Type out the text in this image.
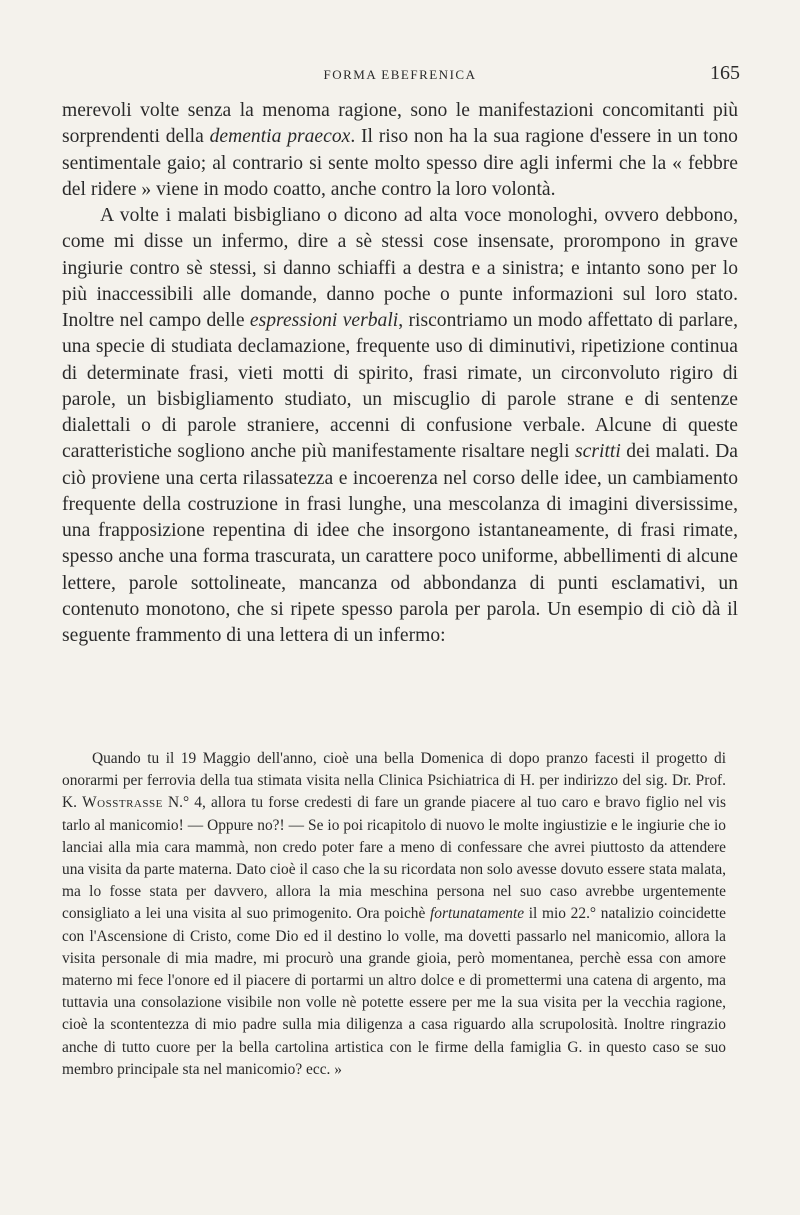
FORMA EBEFRENICA	165

merevoli volte senza la menoma ragione, sono le manifestazioni concomitanti più sorprendenti della dementia praecox. Il riso non ha la sua ragione d'essere in un tono sentimentale gaio; al contrario si sente molto spesso dire agli infermi che la « febbre del ridere » viene in modo coatto, anche contro la loro volontà.

A volte i malati bisbigliano o dicono ad alta voce monologhi, ovvero debbono, come mi disse un infermo, dire a sè stessi cose insensate, prorompono in grave ingiurie contro sè stessi, si danno schiaffi a destra e a sinistra; e intanto sono per lo più inaccessibili alle domande, danno poche o punte informazioni sul loro stato. Inoltre nel campo delle espressioni verbali, riscontriamo un modo affettato di parlare, una specie di studiata declamazione, frequente uso di diminutivi, ripetizione continua di determinate frasi, vieti motti di spirito, frasi rimate, un circonvoluto rigiro di parole, un bisbigliamento studiato, un miscuglio di parole strane e di sentenze dialettali o di parole straniere, accenni di confusione verbale. Alcune di queste caratteristiche sogliono anche più manifestamente risaltare negli scritti dei malati. Da ciò proviene una certa rilassatezza e incoerenza nel corso delle idee, un cambiamento frequente della costruzione in frasi lunghe, una mescolanza di imagini diversissime, una frapposizione repentina di idee che insorgono istantaneamente, di frasi rimate, spesso anche una forma trascurata, un carattere poco uniforme, abbellimenti di alcune lettere, parole sottolineate, mancanza od abbondanza di punti esclamativi, un contenuto monotono, che si ripete spesso parola per parola. Un esempio di ciò dà il seguente frammento di una lettera di un infermo:

Quando tu il 19 Maggio dell'anno, cioè una bella Domenica di dopo pranzo facesti il progetto di onorarmi per ferrovia della tua stimata visita nella Clinica Psichiatrica di H. per indirizzo del sig. Dr. Prof. K. Wosstrasse N.° 4, allora tu forse credesti di fare un grande piacere al tuo caro e bravo figlio nel vis tarlo al manicomio! — Oppure no?! — Se io poi ricapitolo di nuovo le molte ingiustizie e le ingiurie che io lanciai alla mia cara mammà, non credo poter fare a meno di confessare che avrei piuttosto da attendere una visita da parte materna. Dato cioè il caso che la su ricordata non solo avesse dovuto essere stata malata, ma lo fosse stata per davvero, allora la mia meschina persona nel suo caso avrebbe urgentemente consigliato a lei una visita al suo primogenito. Ora poichè fortunatamente il mio 22.° natalizio coincidette con l'Ascensione di Cristo, come Dio ed il destino lo volle, ma dovetti passarlo nel manicomio, allora la visita personale di mia madre, mi procurò una grande gioia, però momentanea, perchè essa con amore materno mi fece l'onore ed il piacere di portarmi un altro dolce e di promettermi una catena di argento, ma tuttavia una consolazione visibile non volle nè potette essere per me la sua visita per la vecchia ragione, cioè la scontentezza di mio padre sulla mia diligenza a casa riguardo alla scrupolosità. Inoltre ringrazio anche di tutto cuore per la bella cartolina artistica con le firme della famiglia G. in questo caso se suo membro principale sta nel manicomio? ecc. »
